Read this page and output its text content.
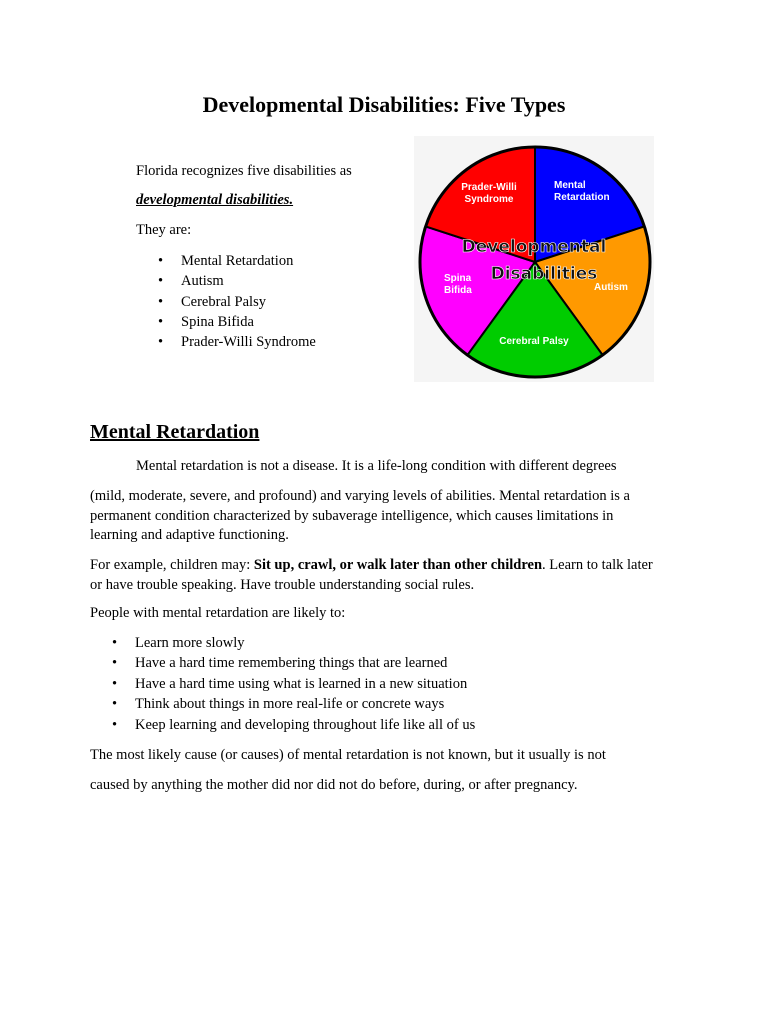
Developmental Disabilities: Five Types

Florida recognizes five disabilities as

developmental disabilities.

They are:

• Mental Retardation
• Autism
• Cerebral Palsy
• Spina Bifida
• Prader-Willi Syndrome
Mental Retardation
Autism
Cerebral Palsy
Spina Bifida
Prader-Willi Syndrome
Developmental
Disabilities
Mental Retardation

Mental retardation is not a disease. It is a life-long condition with different degrees

(mild, moderate, severe, and profound) and varying levels of abilities. Mental retardation is a
permanent condition characterized by subaverage intelligence, which causes limitations in
learning and adaptive functioning.

For example, children may: Sit up, crawl, or walk later than other children. Learn to talk later
or have trouble speaking. Have trouble understanding social rules.

People with mental retardation are likely to:

• Learn more slowly
• Have a hard time remembering things that are learned
• Have a hard time using what is learned in a new situation
• Think about things in more real-life or concrete ways
• Keep learning and developing throughout life like all of us

The most likely cause (or causes) of mental retardation is not known, but it usually is not

caused by anything the mother did nor did not do before, during, or after pregnancy.
